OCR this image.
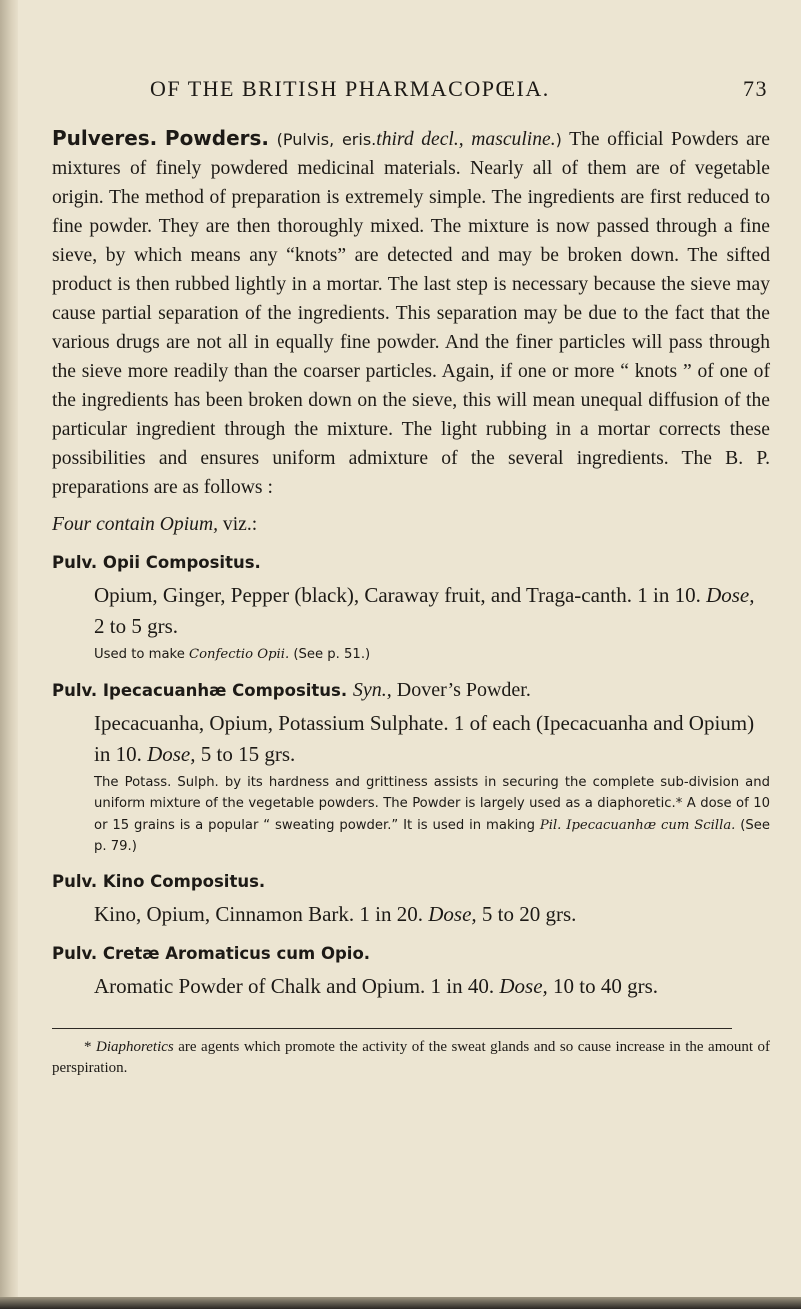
OF THE BRITISH PHARMACOPŒIA.	73

Pulveres. Powders. (Pulvis, eris.third decl., masculine.) The official Powders are mixtures of finely powdered medicinal materials. Nearly all of them are of vegetable origin. The method of preparation is extremely simple. The ingredients are first reduced to fine powder. They are then thoroughly mixed. The mixture is now passed through a fine sieve, by which means any “knots” are detected and may be broken down. The sifted product is then rubbed lightly in a mortar. The last step is necessary because the sieve may cause partial separation of the ingredients. This separation may be due to the fact that the various drugs are not all in equally fine powder. And the finer particles will pass through the sieve more readily than the coarser particles. Again, if one or more “ knots ” of one of the ingredients has been broken down on the sieve, this will mean unequal diffusion of the particular ingredient through the mixture. The light rubbing in a mortar corrects these possibilities and ensures uniform admixture of the several ingredients. The B. P. preparations are as follows :

Four contain Opium, viz.:

Pulv. Opii Compositus.
Opium, Ginger, Pepper (black), Caraway fruit, and Traga-canth. 1 in 10. Dose, 2 to 5 grs.
Used to make Confectio Opii. (See p. 51.)
Pulv. Ipecacuanhæ Compositus. Syn., Dover’s Powder.
Ipecacuanha, Opium, Potassium Sulphate. 1 of each (Ipecacuanha and Opium) in 10. Dose, 5 to 15 grs.
The Potass. Sulph. by its hardness and grittiness assists in securing the complete sub-division and uniform mixture of the vegetable powders. The Powder is largely used as a diaphoretic.* A dose of 10 or 15 grains is a popular “ sweating powder.” It is used in making Pil. Ipecacuanhæ cum Scilla. (See p. 79.)
Pulv. Kino Compositus.
Kino, Opium, Cinnamon Bark. 1 in 20. Dose, 5 to 20 grs.
Pulv. Cretæ Aromaticus cum Opio.
Aromatic Powder of Chalk and Opium. 1 in 40. Dose, 10 to 40 grs.

* Diaphoretics are agents which promote the activity of the sweat glands and so cause increase in the amount of perspiration.
